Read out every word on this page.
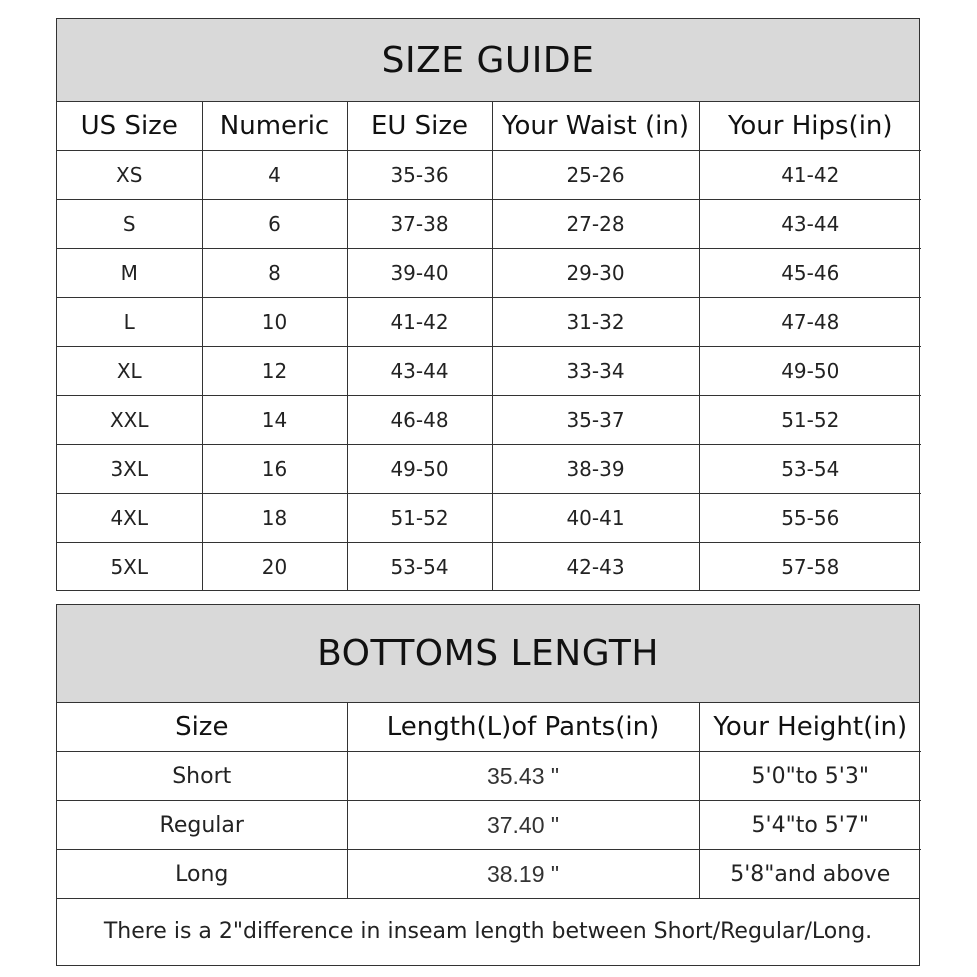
SIZE GUIDE
US Size	Numeric	EU Size	Your Waist (in)	Your Hips(in)
XS	4	35-36	25-26	41-42
S	6	37-38	27-28	43-44
M	8	39-40	29-30	45-46
L	10	41-42	31-32	47-48
XL	12	43-44	33-34	49-50
XXL	14	46-48	35-37	51-52
3XL	16	49-50	38-39	53-54
4XL	18	51-52	40-41	55-56
5XL	20	53-54	42-43	57-58
BOTTOMS LENGTH
Size	Length(L)of Pants(in)	Your Height(in)
Short	35.43 "	5'0"to 5'3"
Regular	37.40 "	5'4"to 5'7"
Long	38.19 "	5'8"and above
There is a 2"difference in inseam length between Short/Regular/Long.
